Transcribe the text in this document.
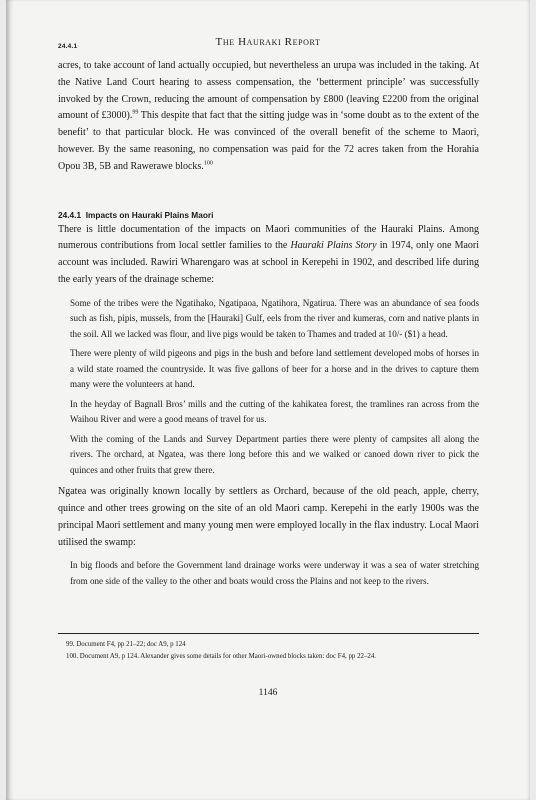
24.4.1	The Hauraki Report

acres, to take account of land actually occupied, but nevertheless an urupa was included in the taking. At the Native Land Court hearing to assess compensation, the ‘betterment principle’ was successfully invoked by the Crown, reducing the amount of compensation by £800 (leaving £2200 from the original amount of £3000).$^{99}$ This despite that fact that the sitting judge was in ‘some doubt as to the extent of the benefit’ to that particular block. He was convinced of the overall benefit of the scheme to Maori, however. By the same reasoning, no compensation was paid for the 72 acres taken from the Horahia Opou 3B, 5B and Rawerawe blocks.$^{100}$

24.4.1 Impacts on Hauraki Plains Maori

There is little documentation of the impacts on Maori communities of the Hauraki Plains. Among numerous contributions from local settler families to the Hauraki Plains Story in 1974, only one Maori account was included. Rawiri Wharengaro was at school in Kerepehi in 1902, and described life during the early years of the drainage scheme:

Some of the tribes were the Ngatihako, Ngatipaoa, Ngatihora, Ngatirua. There was an abundance of sea foods such as fish, pipis, mussels, from the [Hauraki] Gulf, eels from the river and kumeras, corn and native plants in the soil. All we lacked was flour, and live pigs would be taken to Thames and traded at 10/- ($1) a head.

There were plenty of wild pigeons and pigs in the bush and before land settlement developed mobs of horses in a wild state roamed the countryside. It was five gallons of beer for a horse and in the drives to capture them many were the volunteers at hand.

In the heyday of Bagnall Bros’ mills and the cutting of the kahikatea forest, the tramlines ran across from the Waihou River and were a good means of travel for us.

With the coming of the Lands and Survey Department parties there were plenty of campsites all along the rivers. The orchard, at Ngatea, was there long before this and we walked or canoed down river to pick the quinces and other fruits that grew there.

Ngatea was originally known locally by settlers as Orchard, because of the old peach, apple, cherry, quince and other trees growing on the site of an old Maori camp. Kerepehi in the early 1900s was the principal Maori settlement and many young men were employed locally in the flax industry. Local Maori utilised the swamp:

In big floods and before the Government land drainage works were underway it was a sea of water stretching from one side of the valley to the other and boats would cross the Plains and not keep to the rivers.

99. Document F4, pp 21–22; doc A9, p 124

100. Document A9, p 124. Alexander gives some details for other Maori-owned blocks taken: doc F4, pp 22–24.

1146
